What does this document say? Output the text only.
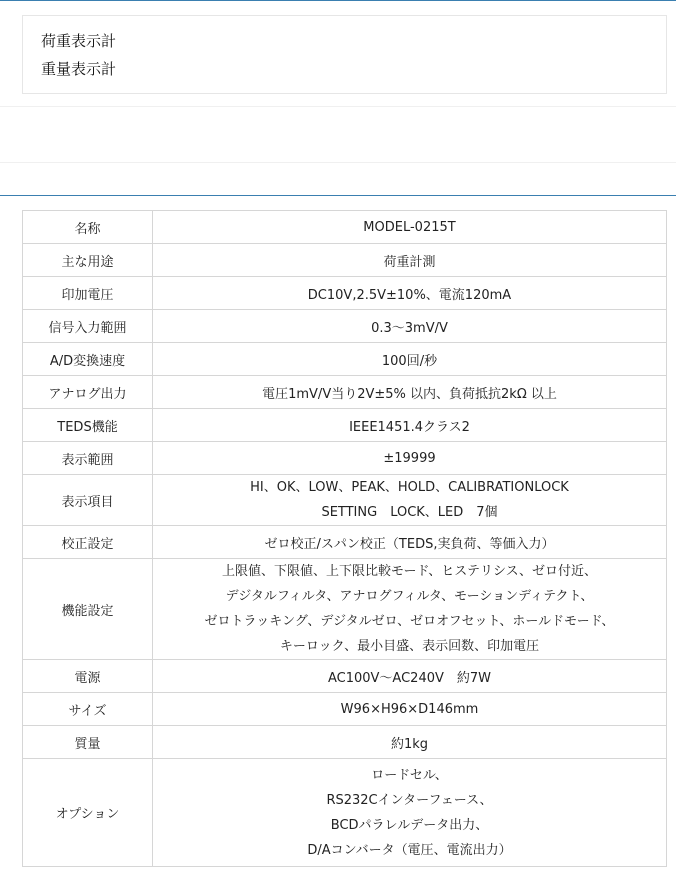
荷重表示計
重量表示計
名称	MODEL-0215T

主な用途	荷重計測

印加電圧	DC10V,2.5V±10%、電流120mA

信号入力範囲	0.3～3mV/V

A/D変換速度	100回/秒

アナログ出力	電圧1mV/V当り2V±5% 以内、負荷抵抗2kΩ 以上

TEDS機能	IEEE1451.4クラス2

表示範囲	±19999

表示項目	HI、OK、LOW、PEAK、HOLD、CALIBRATIONLOCK
SETTING　LOCK、LED　7個

校正設定	ゼロ校正/スパン校正（TEDS,実負荷、等価入力）

機能設定	上限値、下限値、上下限比較モード、ヒステリシス、ゼロ付近、
デジタルフィルタ、アナログフィルタ、モーションディテクト、
ゼロトラッキング、デジタルゼロ、ゼロオフセット、ホールドモード、
キーロック、最小目盛、表示回数、印加電圧

電源	AC100V～AC240V　約7W

サイズ	W96×H96×D146mm

質量	約1kg

オプション	ロードセル、
RS232Cインターフェース、
BCDパラレルデータ出力、
D/Aコンバータ（電圧、電流出力）
